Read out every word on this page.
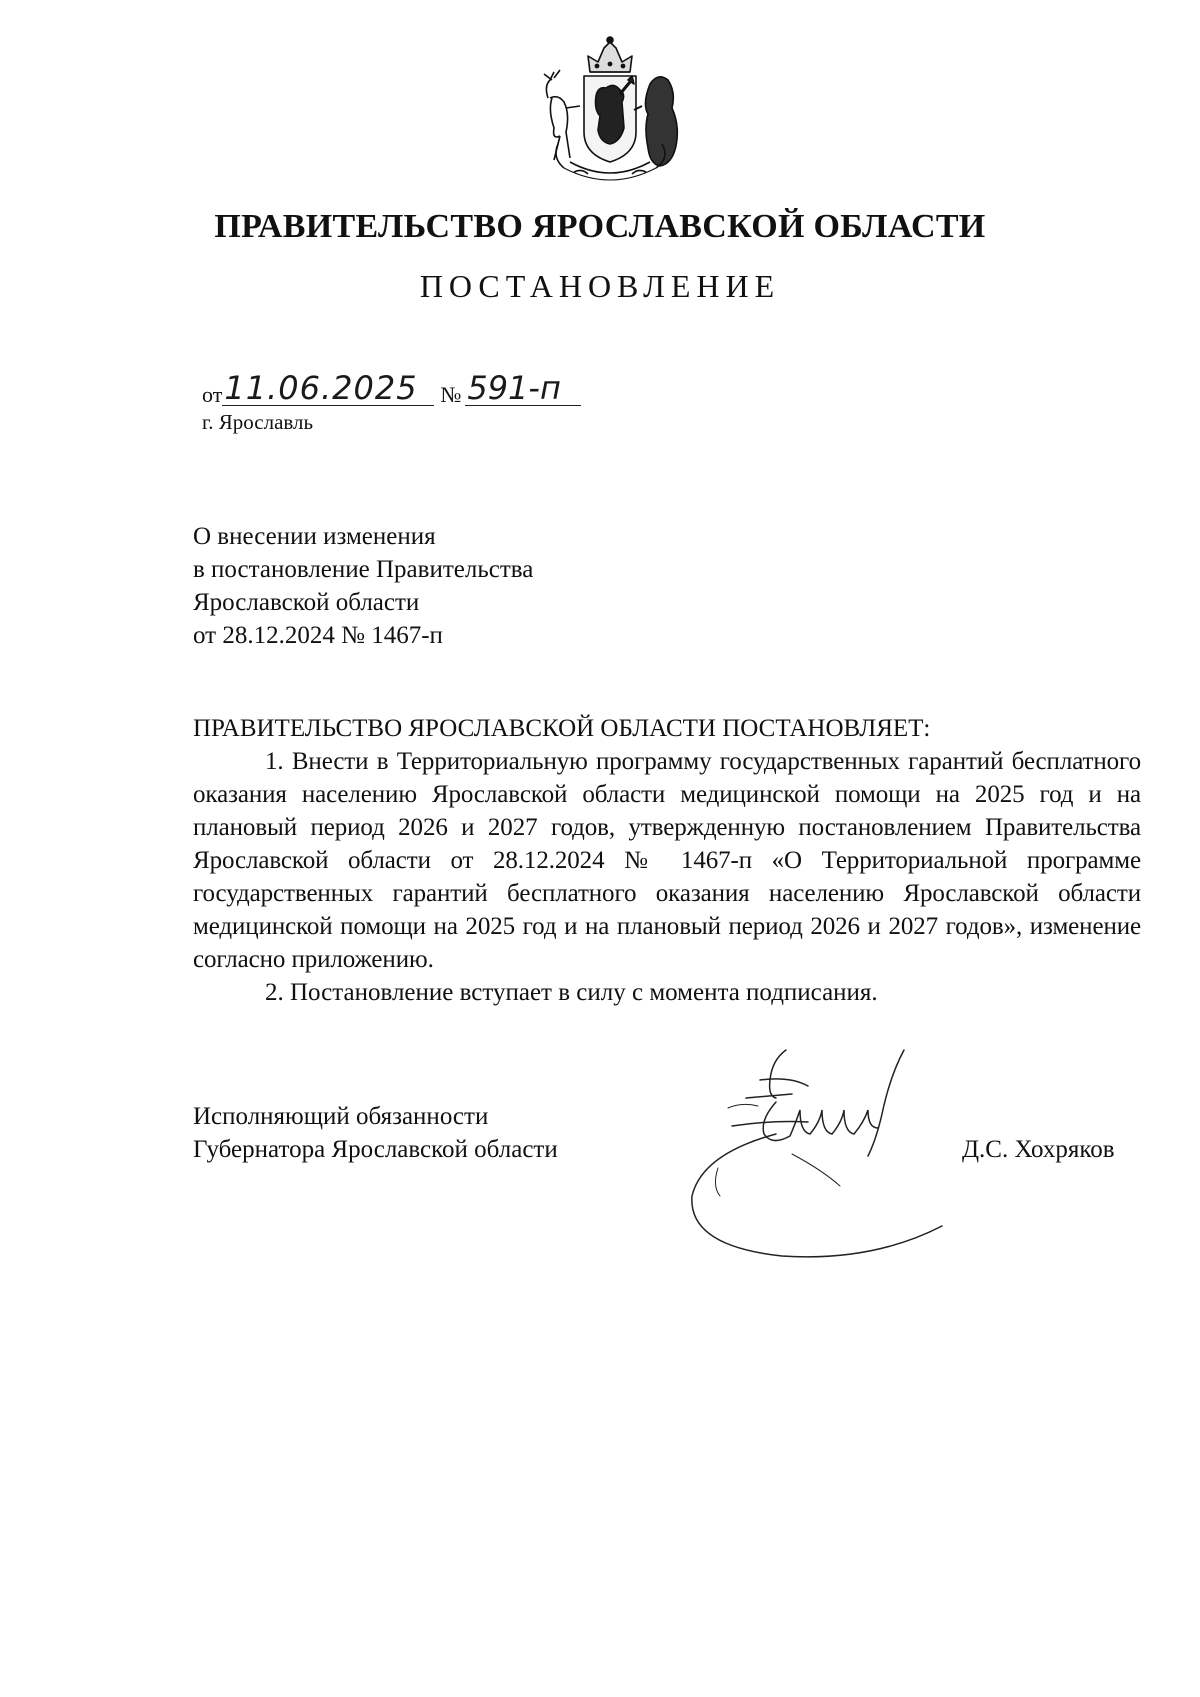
ПРАВИТЕЛЬСТВО ЯРОСЛАВСКОЙ ОБЛАСТИ
ПОСТАНОВЛЕНИЕ
от 11.06.2025	№ 591-п
г. Ярославль
О внесении изменения
в постановление Правительства
Ярославской области
от 28.12.2024 № 1467-п
ПРАВИТЕЛЬСТВО ЯРОСЛАВСКОЙ ОБЛАСТИ ПОСТАНОВЛЯЕТ:
1. Внести в Территориальную программу государственных гарантий бесплатного оказания населению Ярославской области медицинской помощи на 2025 год и на плановый период 2026 и 2027 годов, утвержденную постановлением Правительства Ярославской области от 28.12.2024 № 1467-п «О Территориальной программе государственных гарантий бесплатного оказания населению Ярославской области медицинской помощи на 2025 год и на плановый период 2026 и 2027 годов», изменение согласно приложению.
2. Постановление вступает в силу с момента подписания.
Исполняющий обязанности
Губернатора Ярославской области	Д.С. Хохряков
